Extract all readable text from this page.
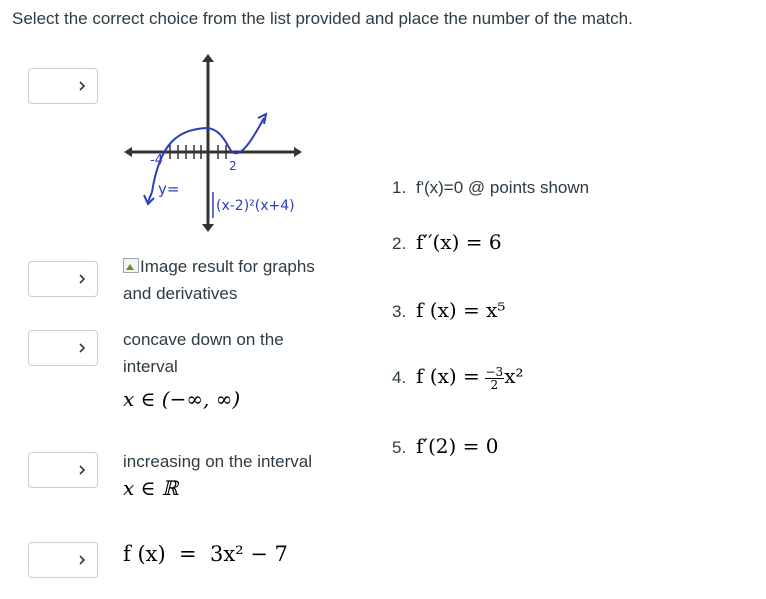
Select the correct choice from the list provided and place the number of the match.
-4	2
y=
(x-2)²(x+4)
Image result for graphs and derivatives
concave down on the interval
x ∈ (−∞, ∞)
increasing on the interval
x ∈ ℝ
f (x)  =  3x² − 7
1. f'(x)=0 @ points shown
2. f′′(x) = 6
3. f (x) = x⁵
4. f $(x) = \frac{-3}{2} x^2$
5. f′(2) = 0
